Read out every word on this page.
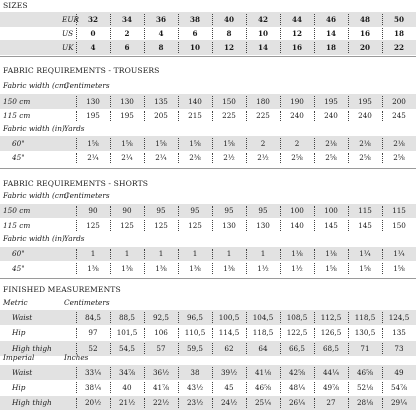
SIZES
EUR	32	34	36	38	40	42	44	46	48	50
US	0	2	4	6	8	10	12	14	16	18
UK	4	6	8	10	12	14	16	18	20	22
FABRIC REQUIREMENTS - TROUSERS
Fabric width (cm)
Centimeters
150 cm	130	130	135	140	150	180	190	195	195	200
115 cm	195	195	205	215	225	225	240	240	240	245
Fabric width (in) Yards
60"	1⅝	1⅝	1⅝	1⅝	1⅝	2	2	2⅛	2⅛	2⅛
45"	2¼	2¼	2¼	2⅜	2½	2½	2⅝	2⅝	2⅝	2⅝
FABRIC REQUIREMENTS - SHORTS
Fabric width (cm)
Centimeters
150 cm	90	90	95	95	95	95	100	100	115	115
115 cm	125	125	125	125	130	130	140	145	145	150
Fabric width (in) Yards
60"	1	1	1	1	1	1	1⅛	1⅛	1¼	1¼
45"	1⅜	1⅜	1⅜	1⅜	1⅜	1½	1½	1⅝	1⅝	1⅝
FINISHED MEASUREMENTS
Metric	Centimeters
Waist	84,5	88,5	92,5	96,5	100,5	104,5	108,5	112,5	118,5	124,5
Hip	97	101,5	106	110,5	114,5	118,5	122,5	126,5	130,5	135
High thigh	52	54,5	57	59,5	62	64	66,5	68,5	71	73
Imperial	Inches
Waist	33¼	34⅞	36½	38	39½	41⅛	42⅝	44¼	46⅝	49
Hip	38¼	40	41⅞	43½	45	46⅝	48¼	49⅞	52⅛	54⅞
High thigh	20½	21½	22½	23½	24½	25¼	26¼	27	28⅛	29¼
